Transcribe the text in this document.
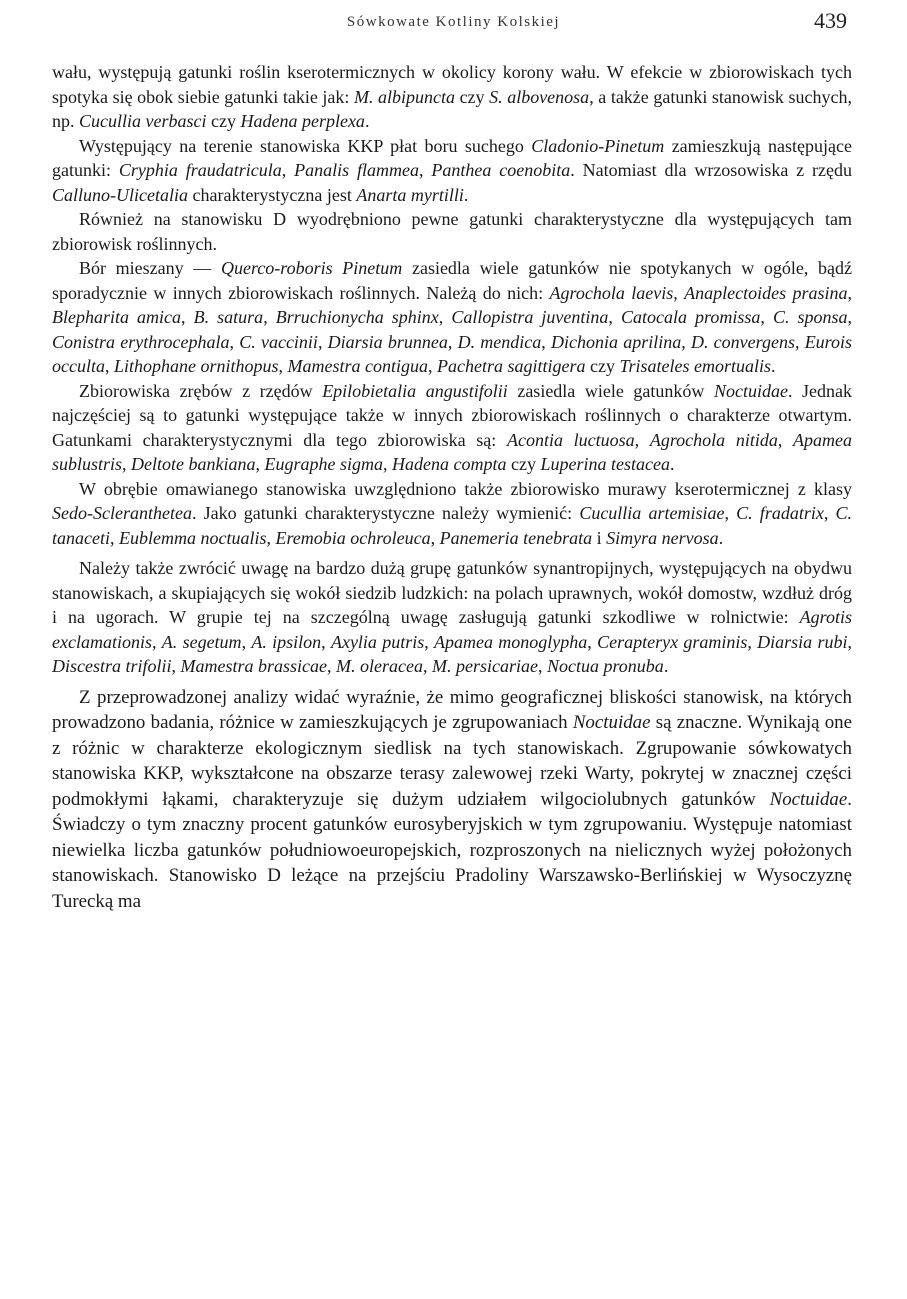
Sówkowate Kotliny Kolskiej	439

wału, występują gatunki roślin kserotermicznych w okolicy korony wału. W efekcie w zbiorowiskach tych spotyka się obok siebie gatunki takie jak: M. albipuncta czy S. albovenosa, a także gatunki stanowisk suchych, np. Cucullia verbasci czy Hadena perplexa.

Występujący na terenie stanowiska KKP płat boru suchego Cladonio-Pinetum zamieszkują następujące gatunki: Cryphia fraudatricula, Panalis flammea, Panthea coenobita. Natomiast dla wrzosowiska z rzędu Calluno-Ulicetalia charakterystyczna jest Anarta myrtilli.

Również na stanowisku D wyodrębniono pewne gatunki charakterystyczne dla występujących tam zbiorowisk roślinnych.

Bór mieszany — Querco-roboris Pinetum zasiedla wiele gatunków nie spotykanych w ogóle, bądź sporadycznie w innych zbiorowiskach roślinnych. Należą do nich: Agrochola laevis, Anaplectoides prasina, Blepharita amica, B. satura, Brruchionycha sphinx, Callopistra juventina, Catocala promissa, C. sponsa, Conistra erythrocephala, C. vaccinii, Diarsia brunnea, D. mendica, Dichonia aprilina, D. convergens, Eurois occulta, Lithophane ornithopus, Mamestra contigua, Pachetra sagittigera czy Trisateles emortualis.

Zbiorowiska zrębów z rzędów Epilobietalia angustifolii zasiedla wiele gatunków Noctuidae. Jednak najczęściej są to gatunki występujące także w innych zbiorowiskach roślinnych o charakterze otwartym. Gatunkami charakterystycznymi dla tego zbiorowiska są: Acontia luctuosa, Agrochola nitida, Apamea sublustris, Deltote bankiana, Eugraphe sigma, Hadena compta czy Luperina testacea.

W obrębie omawianego stanowiska uwzględniono także zbiorowisko murawy kserotermicznej z klasy Sedo-Scleranthetea. Jako gatunki charakterystyczne należy wymienić: Cucullia artemisiae, C. fradatrix, C. tanaceti, Eublemma noctualis, Eremobia ochroleuca, Panemeria tenebrata i Simyra nervosa.

Należy także zwrócić uwagę na bardzo dużą grupę gatunków synantropijnych, występujących na obydwu stanowiskach, a skupiających się wokół siedzib ludzkich: na polach uprawnych, wokół domostw, wzdłuż dróg i na ugorach. W grupie tej na szczególną uwagę zasługują gatunki szkodliwe w rolnictwie: Agrotis exclamationis, A. segetum, A. ipsilon, Axylia putris, Apamea monoglypha, Cerapteryx graminis, Diarsia rubi, Discestra trifolii, Mamestra brassicae, M. oleracea, M. persicariae, Noctua pronuba.

Z przeprowadzonej analizy widać wyraźnie, że mimo geograficznej bliskości stanowisk, na których prowadzono badania, różnice w zamieszkujących je zgrupowaniach Noctuidae są znaczne. Wynikają one z różnic w charakterze ekologicznym siedlisk na tych stanowiskach. Zgrupowanie sówkowatych stanowiska KKP, wykształcone na obszarze terasy zalewowej rzeki Warty, pokrytej w znacznej części podmokłymi łąkami, charakteryzuje się dużym udziałem wilgociolubnych gatunków Noctuidae. Świadczy o tym znaczny procent gatunków eurosyberyjskich w tym zgrupowaniu. Występuje natomiast niewielka liczba gatunków południowoeuropejskich, rozproszonych na nielicznych wyżej położonych stanowiskach. Stanowisko D leżące na przejściu Pradoliny Warszawsko-Berlińskiej w Wysoczyznę Turecką ma
